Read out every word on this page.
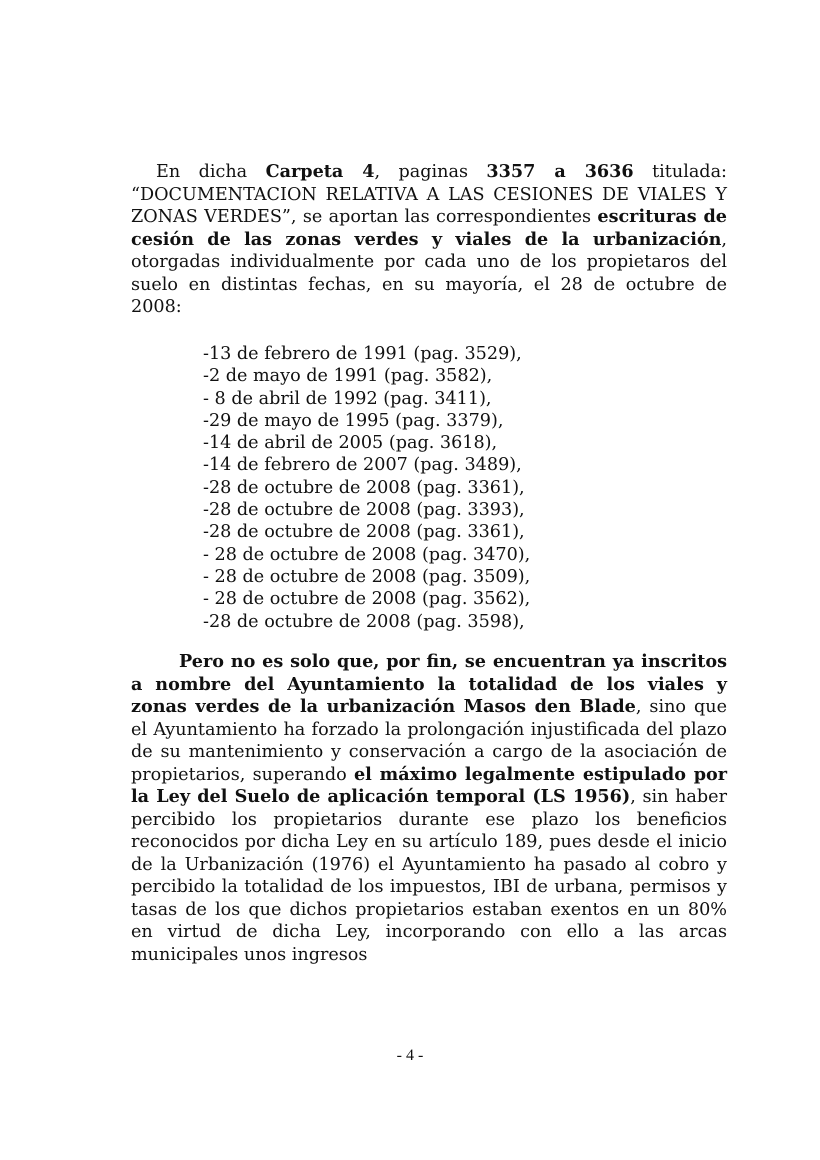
En dicha Carpeta 4, paginas 3357 a 3636 titulada: “DOCUMENTACION RELATIVA A LAS CESIONES DE VIALES Y ZONAS VERDES”, se aportan las correspondientes escrituras de cesión de las zonas verdes y viales de la urbanización, otorgadas individualmente por cada uno de los propietaros del suelo en distintas fechas, en su mayoría, el 28 de octubre de 2008:
-13 de febrero de 1991 (pag. 3529),
-2 de mayo de 1991 (pag. 3582),
- 8 de abril de 1992 (pag. 3411),
-29 de mayo de 1995 (pag. 3379),
-14 de abril de 2005 (pag. 3618),
-14 de febrero de 2007 (pag. 3489),
-28 de octubre de 2008 (pag. 3361),
-28 de octubre de 2008 (pag. 3393),
-28 de octubre de 2008 (pag. 3361),
- 28 de octubre de 2008 (pag. 3470),
- 28 de octubre de 2008 (pag. 3509),
- 28 de octubre de 2008 (pag. 3562),
-28 de octubre de 2008 (pag. 3598),
Pero no es solo que, por fin, se encuentran ya inscritos a nombre del Ayuntamiento la totalidad de los viales y zonas verdes de la urbanización Masos den Blade, sino que el Ayuntamiento ha forzado la prolongación injustificada del plazo de su mantenimiento y conservación a cargo de la asociación de propietarios, superando el máximo legalmente estipulado por la Ley del Suelo de aplicación temporal (LS 1956), sin haber percibido los propietarios durante ese plazo los beneficios reconocidos por dicha Ley en su artículo 189, pues desde el inicio de la Urbanización (1976) el Ayuntamiento ha pasado al cobro y percibido la totalidad de los impuestos, IBI de urbana, permisos y tasas de los que dichos propietarios estaban exentos en un 80% en virtud de dicha Ley, incorporando con ello a las arcas municipales unos ingresos
- 4 -
